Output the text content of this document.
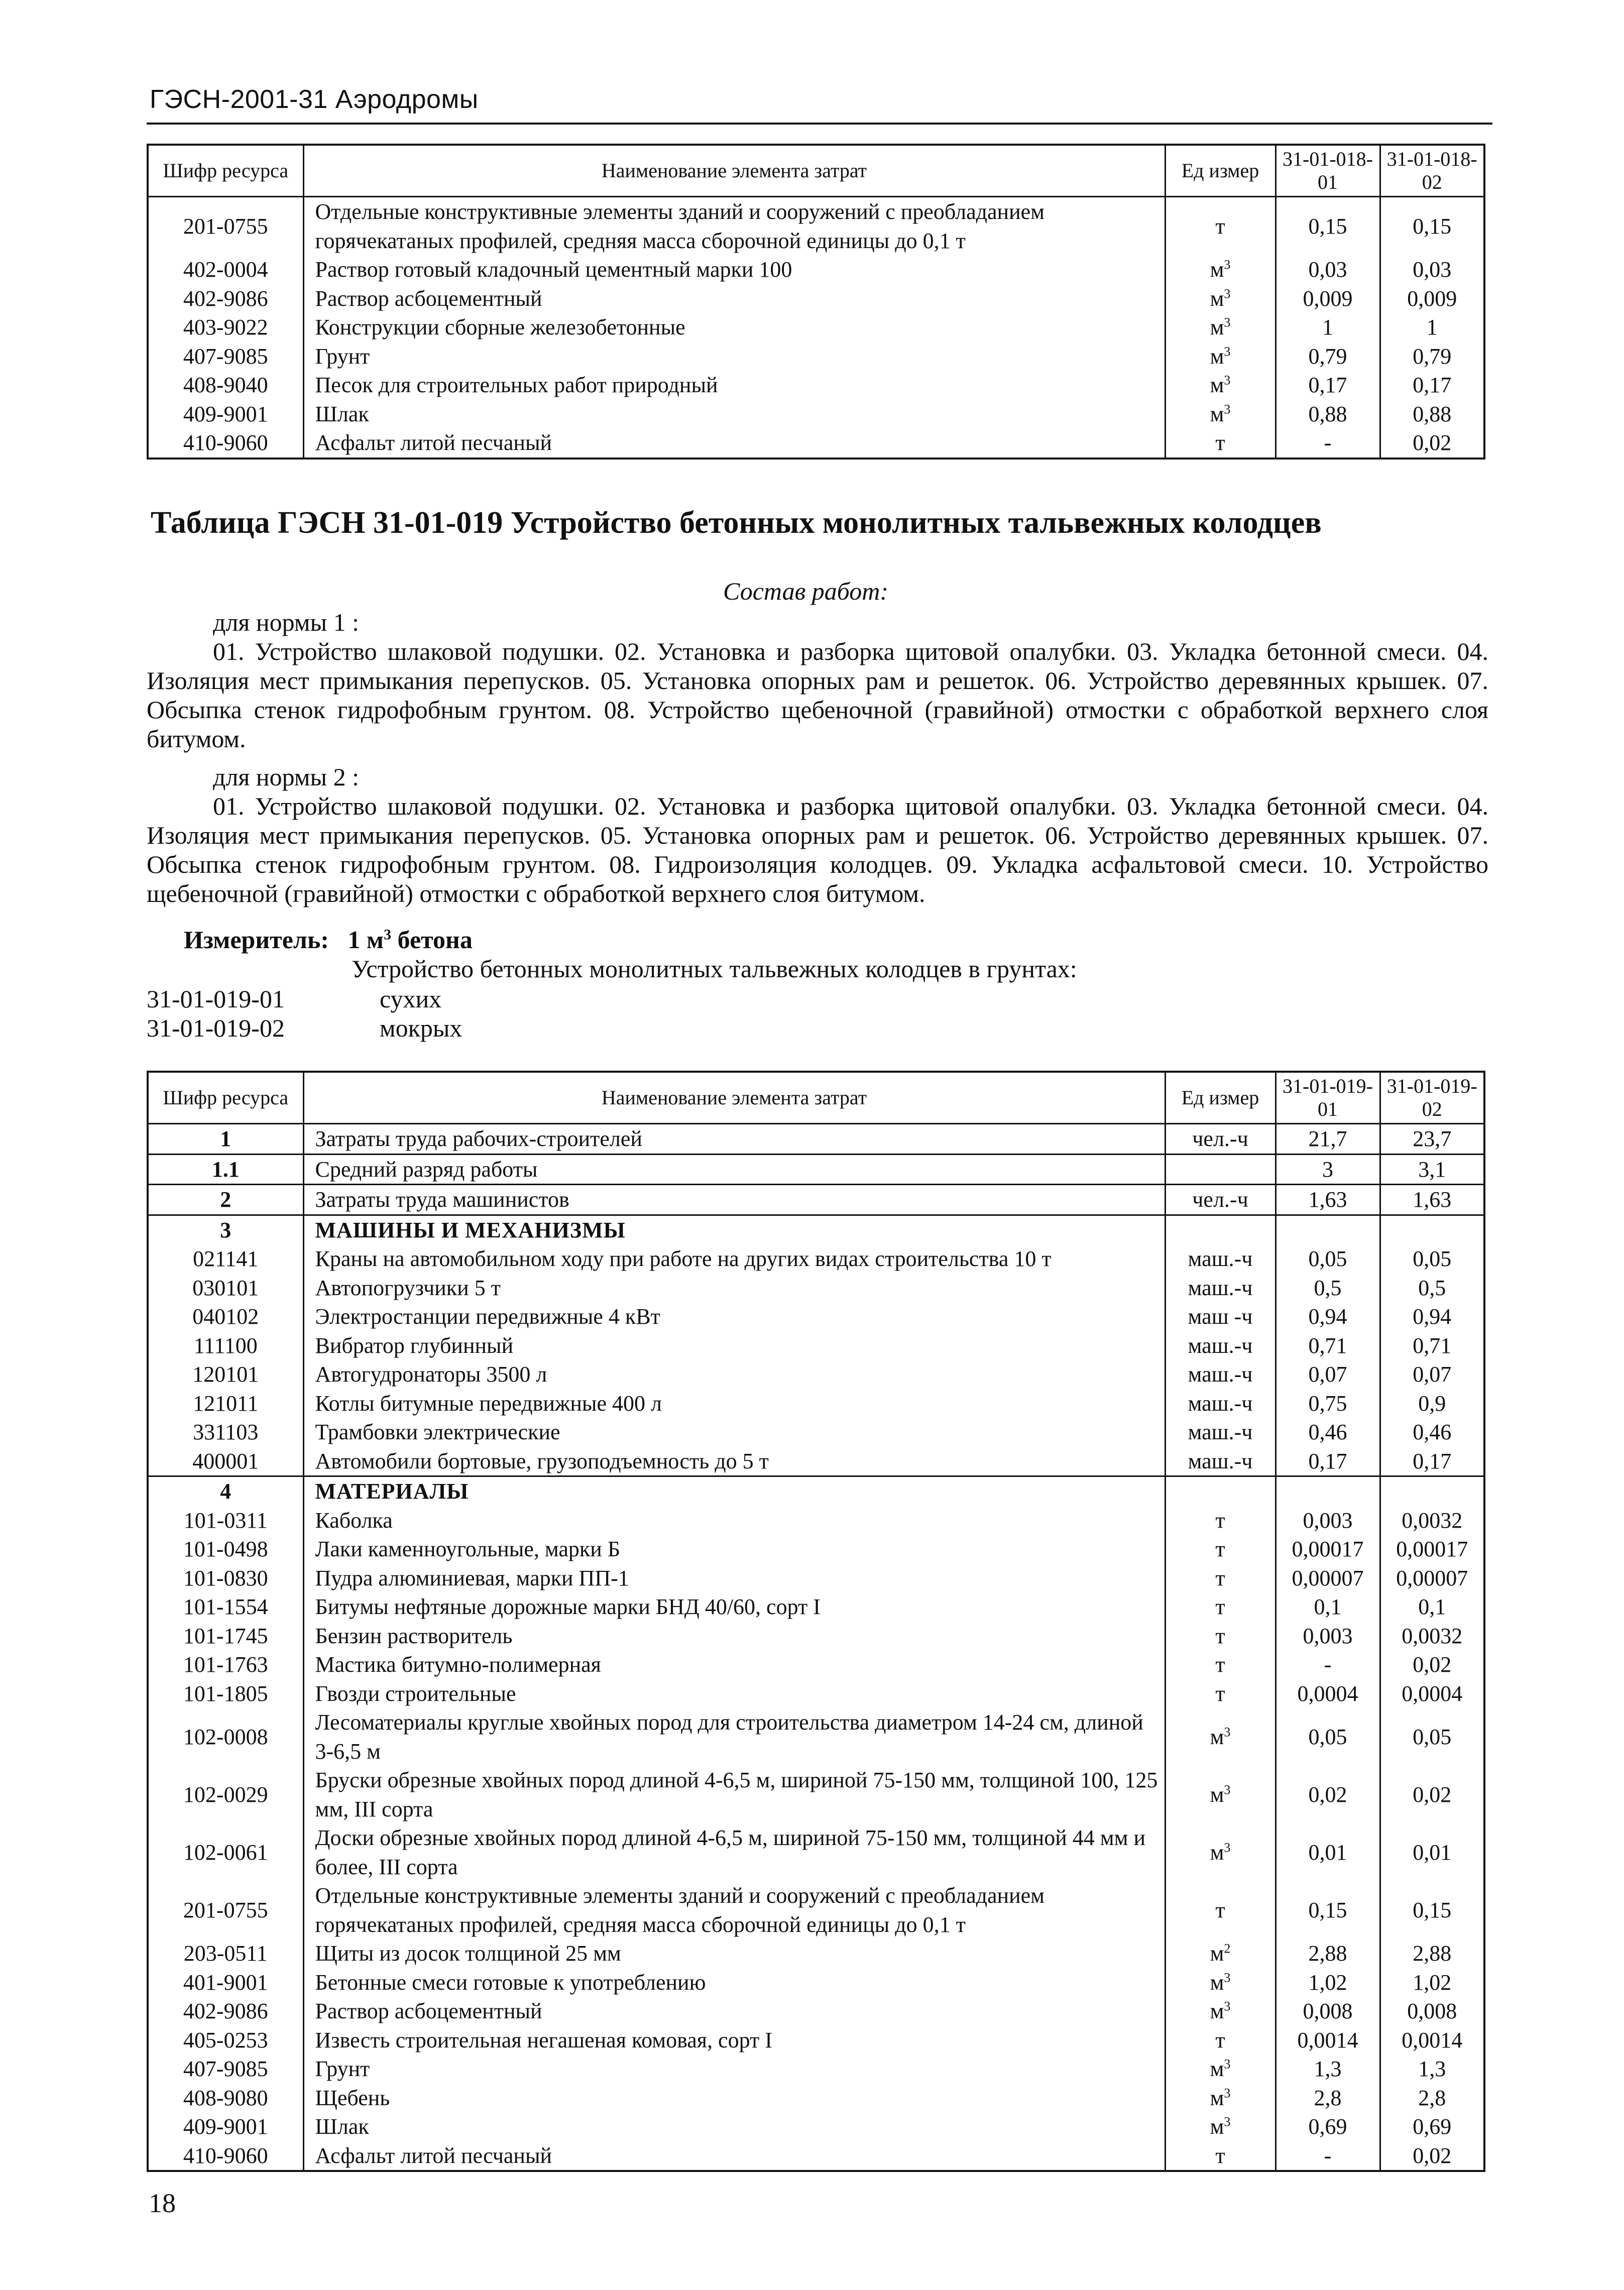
ГЭСН-2001-31 Аэродромы
Шифр ресурса	Наименование элемента затрат	Ед измер	31-01-018-01	31-01-018-02
201-0755	Отдельные конструктивные элементы зданий и сооружений с преобладанием горячекатаных профилей, средняя масса сборочной единицы до 0,1 т	т	0,15	0,15
402-0004	Раствор готовый кладочный цементный марки 100	$м^3$	0,03	0,03
402-9086	Раствор асбоцементный	$м^3$	0,009	0,009
403-9022	Конструкции сборные железобетонные	$м^3$	1	1
407-9085	Грунт	$м^3$	0,79	0,79
408-9040	Песок для строительных работ природный	$м^3$	0,17	0,17
409-9001	Шлак	$м^3$	0,88	0,88
410-9060	Асфальт литой песчаный	т	-	0,02
Таблица ГЭСН 31-01-019 Устройство бетонных монолитных тальвежных колодцев
Состав работ:
для нормы 1 :
01. Устройство шлаковой подушки. 02. Установка и разборка щитовой опалубки. 03. Укладка бетонной смеси. 04. Изоляция мест примыкания перепусков. 05. Установка опорных рам и решеток. 06. Устройство деревянных крышек. 07. Обсыпка стенок гидрофобным грунтом. 08. Устройство щебеночной (гравийной) отмостки с обработкой верхнего слоя битумом.
для нормы 2 :
01. Устройство шлаковой подушки. 02. Установка и разборка щитовой опалубки. 03. Укладка бетонной смеси. 04. Изоляция мест примыкания перепусков. 05. Установка опорных рам и решеток. 06. Устройство деревянных крышек. 07. Обсыпка стенок гидрофобным грунтом. 08. Гидроизоляция колодцев. 09. Укладка асфальтовой смеси. 10. Устройство щебеночной (гравийной) отмостки с обработкой верхнего слоя битумом.
Измеритель: 1 $м^3$ бетона
Устройство бетонных монолитных тальвежных колодцев в грунтах:
31-01-019-01	сухих
31-01-019-02	мокрых
Шифр ресурса	Наименование элемента затрат	Ед измер	31-01-019-01	31-01-019-02
1	Затраты труда рабочих-строителей	чел.-ч	21,7	23,7
1.1	Средний разряд работы		3	3,1
2	Затраты труда машинистов	чел.-ч	1,63	1,63
3	МАШИНЫ И МЕХАНИЗМЫ			
021141	Краны на автомобильном ходу при работе на других видах строительства 10 т	маш.-ч	0,05	0,05
030101	Автопогрузчики 5 т	маш.-ч	0,5	0,5
040102	Электростанции передвижные 4 кВт	маш -ч	0,94	0,94
111100	Вибратор глубинный	маш.-ч	0,71	0,71
120101	Автогудронаторы 3500 л	маш.-ч	0,07	0,07
121011	Котлы битумные передвижные 400 л	маш.-ч	0,75	0,9
331103	Трамбовки электрические	маш.-ч	0,46	0,46
400001	Автомобили бортовые, грузоподъемность до 5 т	маш.-ч	0,17	0,17
4	МАТЕРИАЛЫ			
101-0311	Каболка	т	0,003	0,0032
101-0498	Лаки каменноугольные, марки Б	т	0,00017	0,00017
101-0830	Пудра алюминиевая, марки ПП-1	т	0,00007	0,00007
101-1554	Битумы нефтяные дорожные марки БНД 40/60, сорт I	т	0,1	0,1
101-1745	Бензин растворитель	т	0,003	0,0032
101-1763	Мастика битумно-полимерная	т	-	0,02
101-1805	Гвозди строительные	т	0,0004	0,0004
102-0008	Лесоматериалы круглые хвойных пород для строительства диаметром 14-24 см, длиной 3-6,5 м	$м^3$	0,05	0,05
102-0029	Бруски обрезные хвойных пород длиной 4-6,5 м, шириной 75-150 мм, толщиной 100, 125 мм, III сорта	$м^3$	0,02	0,02
102-0061	Доски обрезные хвойных пород длиной 4-6,5 м, шириной 75-150 мм, толщиной 44 мм и более, III сорта	$м^3$	0,01	0,01
201-0755	Отдельные конструктивные элементы зданий и сооружений с преобладанием горячекатаных профилей, средняя масса сборочной единицы до 0,1 т	т	0,15	0,15
203-0511	Щиты из досок толщиной 25 мм	$м^2$	2,88	2,88
401-9001	Бетонные смеси готовые к употреблению	$м^3$	1,02	1,02
402-9086	Раствор асбоцементный	$м^3$	0,008	0,008
405-0253	Известь строительная негашеная комовая, сорт I	т	0,0014	0,0014
407-9085	Грунт	$м^3$	1,3	1,3
408-9080	Щебень	$м^3$	2,8	2,8
409-9001	Шлак	$м^3$	0,69	0,69
410-9060	Асфальт литой песчаный	т	-	0,02
18
